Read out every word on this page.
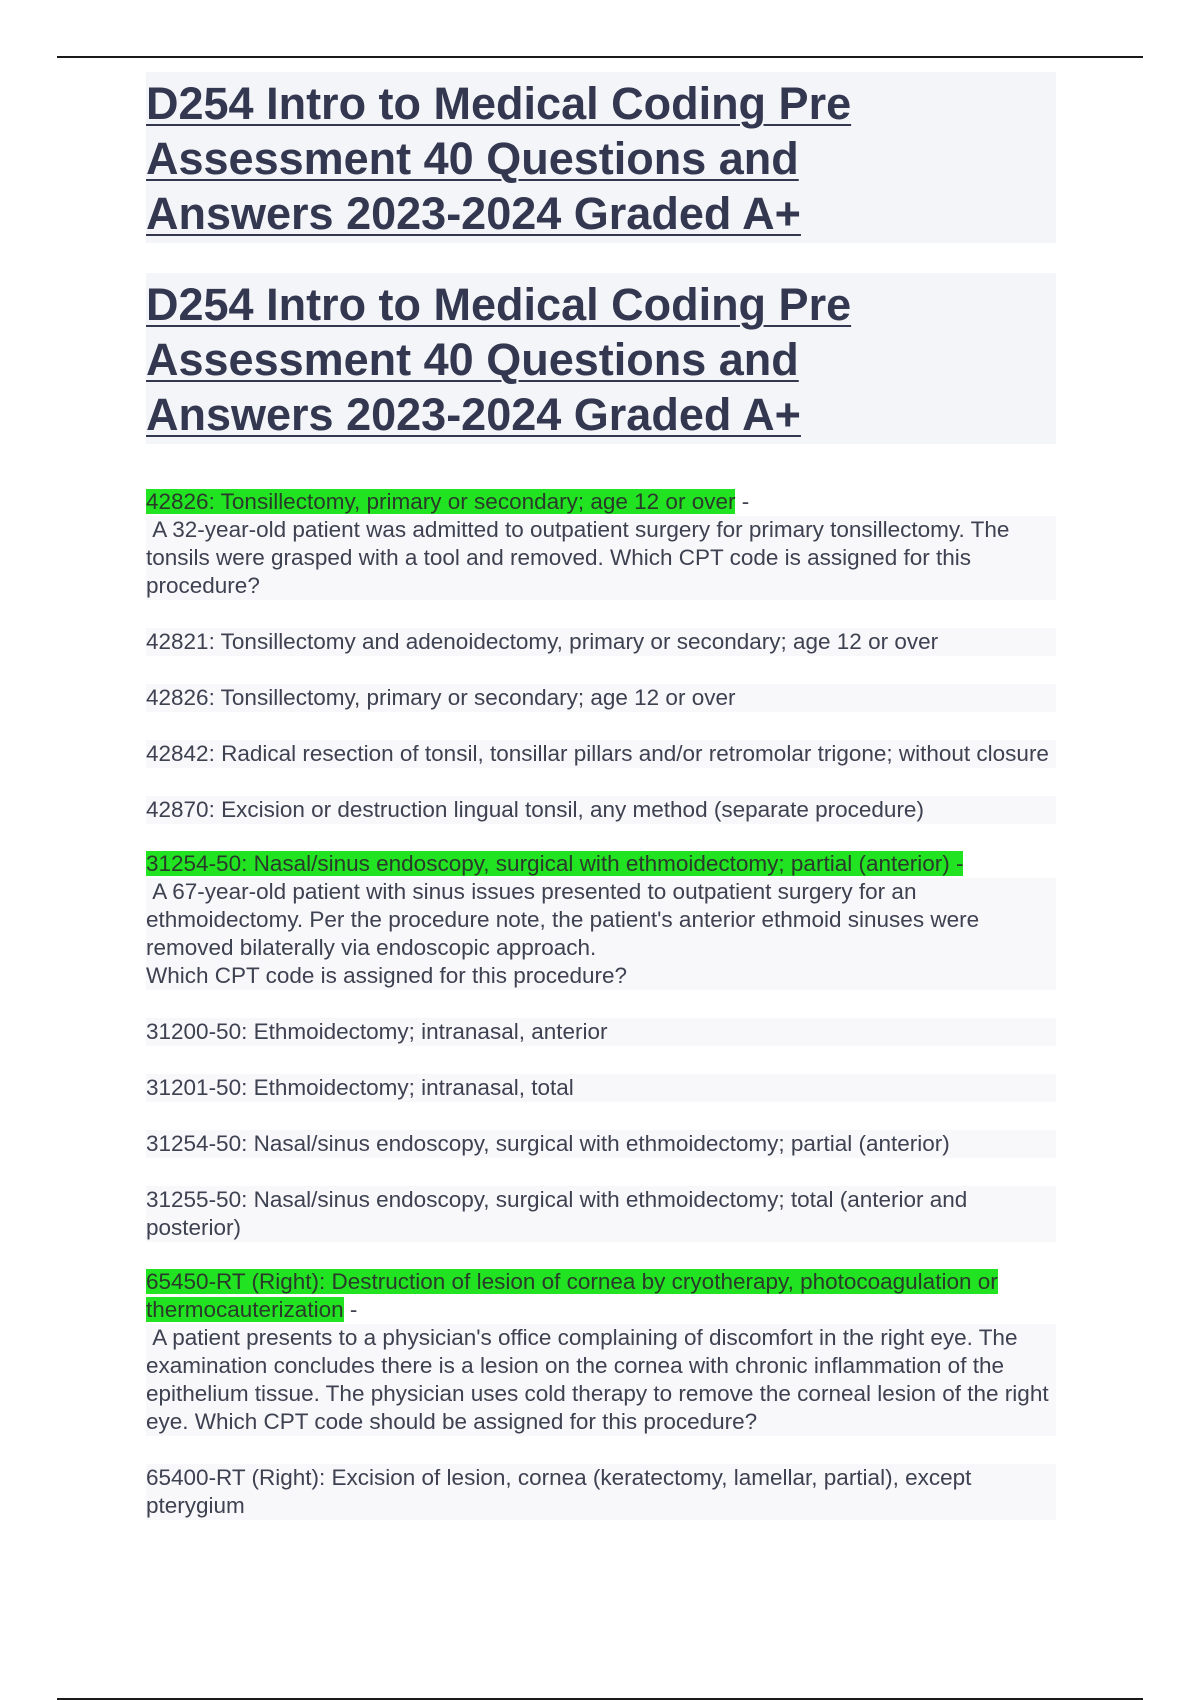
D254 Intro to Medical Coding Pre
Assessment 40 Questions and
Answers 2023-2024 Graded A+
D254 Intro to Medical Coding Pre
Assessment 40 Questions and
Answers 2023-2024 Graded A+
42826: Tonsillectomy, primary or secondary; age 12 or over -
A 32-year-old patient was admitted to outpatient surgery for primary tonsillectomy. The tonsils were grasped with a tool and removed. Which CPT code is assigned for this procedure?
42821: Tonsillectomy and adenoidectomy, primary or secondary; age 12 or over
42826: Tonsillectomy, primary or secondary; age 12 or over
42842: Radical resection of tonsil, tonsillar pillars and/or retromolar trigone; without closure
42870: Excision or destruction lingual tonsil, any method (separate procedure)
31254-50: Nasal/sinus endoscopy, surgical with ethmoidectomy; partial (anterior) -
A 67-year-old patient with sinus issues presented to outpatient surgery for an ethmoidectomy. Per the procedure note, the patient's anterior ethmoid sinuses were removed bilaterally via endoscopic approach.
Which CPT code is assigned for this procedure?
31200-50: Ethmoidectomy; intranasal, anterior
31201-50: Ethmoidectomy; intranasal, total
31254-50: Nasal/sinus endoscopy, surgical with ethmoidectomy; partial (anterior)
31255-50: Nasal/sinus endoscopy, surgical with ethmoidectomy; total (anterior and posterior)
65450-RT (Right): Destruction of lesion of cornea by cryotherapy, photocoagulation or thermocauterization -
A patient presents to a physician's office complaining of discomfort in the right eye. The examination concludes there is a lesion on the cornea with chronic inflammation of the epithelium tissue. The physician uses cold therapy to remove the corneal lesion of the right eye. Which CPT code should be assigned for this procedure?
65400-RT (Right): Excision of lesion, cornea (keratectomy, lamellar, partial), except pterygium
